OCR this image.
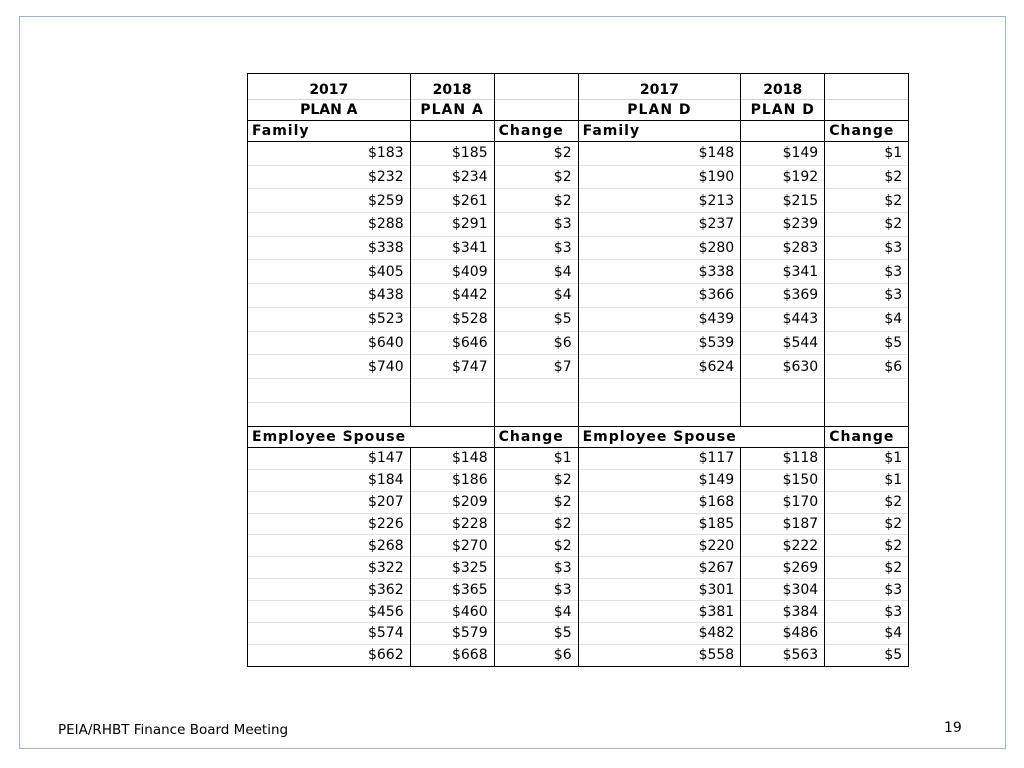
2017	2018		2017	2018	
PLAN A	PLAN A		PLAN D	PLAN D	
Family		Change	Family		Change
$183	$185	$2	$148	$149	$1
$232	$234	$2	$190	$192	$2
$259	$261	$2	$213	$215	$2
$288	$291	$3	$237	$239	$2
$338	$341	$3	$280	$283	$3
$405	$409	$4	$338	$341	$3
$438	$442	$4	$366	$369	$3
$523	$528	$5	$439	$443	$4
$640	$646	$6	$539	$544	$5
$740	$747	$7	$624	$630	$6

Employee Spouse		Change	Employee Spouse		Change
$147	$148	$1	$117	$118	$1
$184	$186	$2	$149	$150	$1
$207	$209	$2	$168	$170	$2
$226	$228	$2	$185	$187	$2
$268	$270	$2	$220	$222	$2
$322	$325	$3	$267	$269	$2
$362	$365	$3	$301	$304	$3
$456	$460	$4	$381	$384	$3
$574	$579	$5	$482	$486	$4
$662	$668	$6	$558	$563	$5
PEIA/RHBT Finance Board Meeting	19
